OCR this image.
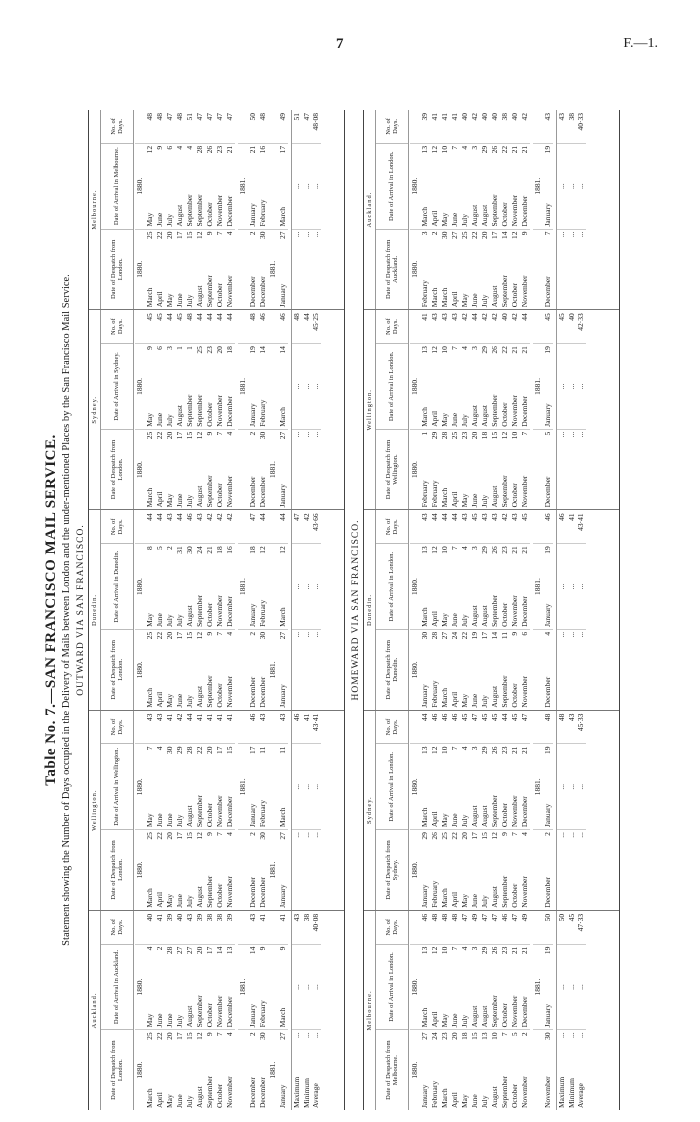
7	F.—1.
Table No. 7.—SAN FRANCISCO MAIL SERVICE. Statement showing the Number of Days occupied in the Delivery of Mails between London and the under-mentioned Places by the San Francisco Mail Service. OUTWARD VIA SAN FRANCISCO.
Auckland.
Date of Despatch from London.
Date of Arrival in Auckland.
No. of Days.
1880.
1880.
March
25
May
4
40
April
22
June
2
41
May
20
June
28
39
June
17
July
27
40
July
15
August
27
43
August
12
September
20
39
September
9
October
17
38
October
7
November
14
38
November
4
December
13
39
1881.
December
2
January
14
43
December
30
February
9
41
1881.
January
27
March
9
41
Maximum
...
...
43
Minimum
...
...
38
Average
...
...
40·08
Wellington.
Date of Despatch from London.
Date of Arrival in Wellington.
No. of Days.
1880.
1880.
March
25
May
7
43
April
22
June
4
43
May
20
June
30
41
June
17
July
29
42
July
15
August
28
44
August
12
September
22
41
September
9
October
20
41
October
7
November
17
41
November
4
December
15
41
1881.
December
2
January
17
46
December
30
February
11
43
1881.
January
27
March
11
43
...
...
46
...
...
41
...
...
43·41
Dunedin.
Date of Despatch from London.
Date of Arrival in Dunedin.
No. of Days.
1880.
1880.
March
25
May
8
44
April
22
June
5
44
May
20
July
2
43
June
17
July
31
44
July
15
August
30
46
August
12
September
24
43
September
9
October
21
42
October
7
November
18
42
November
4
December
16
42
1881.
December
2
January
18
47
December
30
February
12
44
1881.
January
27
March
12
44
...
...
47
...
...
42
...
...
43·66
Sydney.
Date of Despatch from London.
Date of Arrival in Sydney.
No. of Days.
1880.
1880.
March
25
May
9
45
April
22
June
6
45
May
20
July
3
44
June
17
August
1
45
July
15
September
1
48
August
12
September
25
44
September
9
October
23
44
October
7
November
20
44
November
4
December
18
44
1881.
December
2
January
19
48
December
30
February
14
46
1881.
January
27
March
14
46
...
...
48
...
...
44
...
...
45·25
Melbourne.
Date of Despatch from London.
Date of Arrival in Melbourne.
No. of Days.
1880.
1880.
March
25
May
12
48
April
22
June
9
48
May
20
July
6
47
June
17
August
4
48
July
15
September
4
51
August
12
September
28
47
September
9
October
26
47
October
7
November
23
47
November
4
December
21
47
1881.
December
2
January
21
50
December
30
February
16
48
1881.
January
27
March
17
49
...
...
51
...
...
47
...
...
48·08
HOMEWARD VIA SAN FRANCISCO.
Melbourne.
Date of Despatch from Melbourne.
Date of Arrival in London.
No. of Days.
1880.
1880.
January
27
March
13
46
February
24
April
12
48
March
23
May
10
48
April
20
June
7
48
May
18
July
4
47
June
15
August
3
49
July
13
August
29
47
August
10
September
26
47
September
7
October
23
46
October
5
November
21
47
November
2
December
21
49
1881.
November
30
January
19
50
Maximum
...
...
50
Minimum
...
...
45
Average
...
...
47·33
Sydney.
Date of Despatch from Sydney.
Date of Arrival in London.
No. of Days.
1880.
1880.
January
29
March
13
44
February
26
April
12
46
March
25
May
10
46
April
22
June
7
46
May
20
July
4
45
June
17
August
3
47
July
15
August
29
45
August
12
September
26
45
September
9
October
23
44
October
7
November
21
45
November
4
December
21
47
1881.
December
2
January
19
48
...
...
48
...
...
43
...
...
45·33
Dunedin.
Date of Despatch from Dunedin.
Date of Arrival in London.
No. of Days.
1880.
1880.
January
30
March
13
43
February
28
April
12
44
March
27
May
10
44
April
24
June
7
44
May
22
July
4
43
June
19
August
3
45
July
17
August
29
43
August
14
September
26
43
September
11
October
23
42
October
9
November
21
43
November
6
December
21
45
1881.
December
4
January
19
46
...
...
46
...
...
41
...
...
43·41
Wellington.
Date of Despatch from Wellington.
Date of Arrival in London.
No. of Days.
1880.
1880.
February
1
March
13
41
February
29
April
12
43
March
28
May
10
43
April
25
June
7
43
May
23
July
4
42
June
20
August
3
44
July
18
August
29
42
August
15
September
26
42
September
12
October
22
40
October
10
November
21
42
November
7
December
21
44
1881.
December
5
January
19
45
...
...
45
...
...
40
...
...
42·33
Auckland.
Date of Despatch from Auckland.
Date of Arrival in London.
No. of Days.
1880.
1880.
February
3
March
13
39
March
2
April
12
41
March
30
May
10
41
April
27
June
7
41
May
25
July
4
40
June
22
August
3
42
July
20
August
29
40
August
17
September
26
40
September
14
October
22
38
October
12
November
21
40
November
9
December
21
42
1881.
December
7
January
19
43
...
...
43
...
...
38
...
...
40·33
